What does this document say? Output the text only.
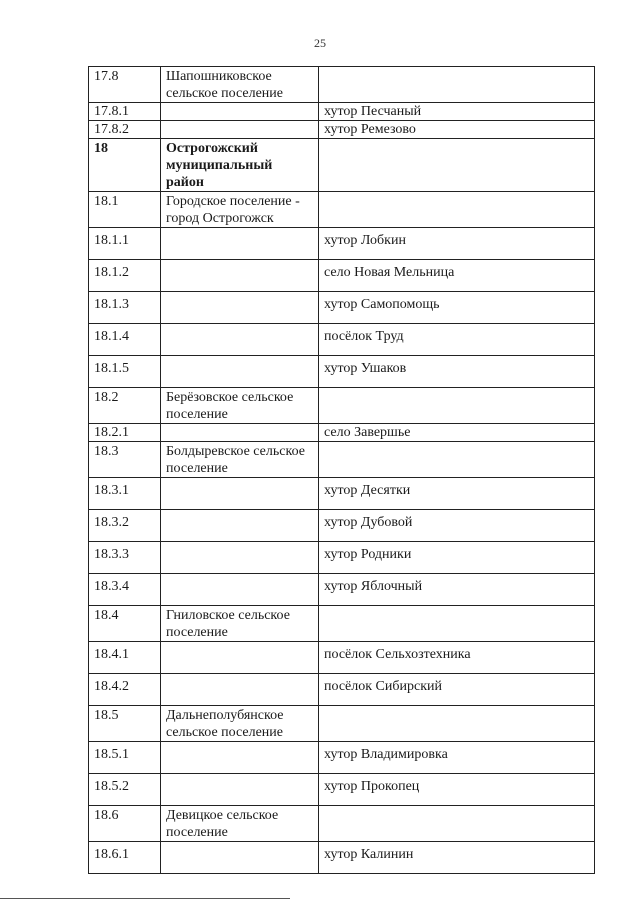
25
17.8	Шапошниковское сельское поселение	
17.8.1		хутор Песчаный
17.8.2		хутор Ремезово
18	Острогожский муниципальный район	
18.1	Городское поселение - город Острогожск	
18.1.1		хутор Лобкин
18.1.2		село Новая Мельница
18.1.3		хутор Самопомощь
18.1.4		посёлок Труд
18.1.5		хутор Ушаков
18.2	Берёзовское сельское поселение	
18.2.1		село Завершье
18.3	Болдыревское сельское поселение	
18.3.1		хутор Десятки
18.3.2		хутор Дубовой
18.3.3		хутор Родники
18.3.4		хутор Яблочный
18.4	Гниловское сельское поселение	
18.4.1		посёлок Сельхозтехника
18.4.2		посёлок Сибирский
18.5	Дальнеполубянское сельское поселение	
18.5.1		хутор Владимировка
18.5.2		хутор Прокопец
18.6	Девицкое сельское поселение	
18.6.1		хутор Калинин
